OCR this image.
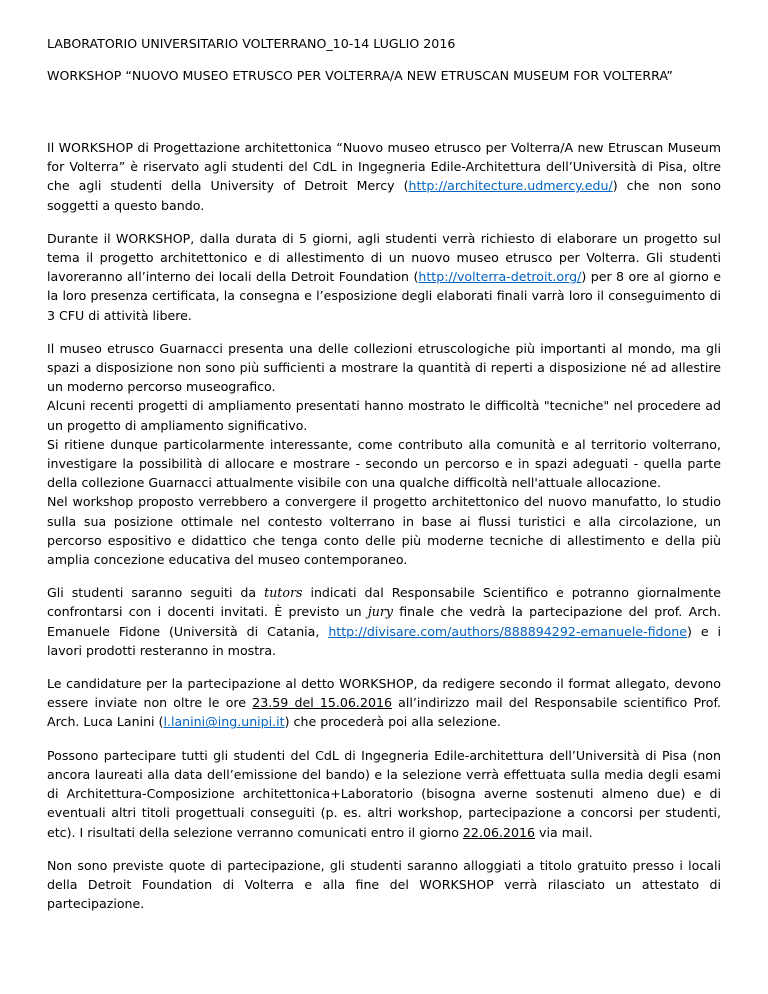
LABORATORIO UNIVERSITARIO VOLTERRANO_10-14 LUGLIO 2016
WORKSHOP “NUOVO MUSEO ETRUSCO PER VOLTERRA/A NEW ETRUSCAN MUSEUM FOR VOLTERRA”

Il WORKSHOP di Progettazione architettonica “Nuovo museo etrusco per Volterra/A new Etruscan Museum for Volterra” è riservato agli studenti del CdL in Ingegneria Edile-Architettura dell’Università di Pisa, oltre che agli studenti della University of Detroit Mercy (http://architecture.udmercy.edu/) che non sono soggetti a questo bando.

Durante il WORKSHOP, dalla durata di 5 giorni, agli studenti verrà richiesto di elaborare un progetto sul tema il progetto architettonico e di allestimento di un nuovo museo etrusco per Volterra. Gli studenti lavoreranno all’interno dei locali della Detroit Foundation (http://volterra-detroit.org/) per 8 ore al giorno e la loro presenza certificata, la consegna e l’esposizione degli elaborati finali varrà loro il conseguimento di 3 CFU di attività libere.

Il museo etrusco Guarnacci presenta una delle collezioni etruscologiche più importanti al mondo, ma gli spazi a disposizione non sono più sufficienti a mostrare la quantità di reperti a disposizione né ad allestire un moderno percorso museografico.

Alcuni recenti progetti di ampliamento presentati hanno mostrato le difficoltà "tecniche" nel procedere ad un progetto di ampliamento significativo.

Si ritiene dunque particolarmente interessante, come contributo alla comunità e al territorio volterrano, investigare la possibilità di allocare e mostrare - secondo un percorso e in spazi adeguati - quella parte della collezione Guarnacci attualmente visibile con una qualche difficoltà nell'attuale allocazione.

Nel workshop proposto verrebbero a convergere il progetto architettonico del nuovo manufatto, lo studio sulla sua posizione ottimale nel contesto volterrano in base ai flussi turistici e alla circolazione, un percorso espositivo e didattico che tenga conto delle più moderne tecniche di allestimento e della più amplia concezione educativa del museo contemporaneo.

Gli studenti saranno seguiti da tutors indicati dal Responsabile Scientifico e potranno giornalmente confrontarsi con i docenti invitati. È previsto un jury finale che vedrà la partecipazione del prof. Arch. Emanuele Fidone (Università di Catania, http://divisare.com/authors/888894292-emanuele-fidone) e i lavori prodotti resteranno in mostra.

Le candidature per la partecipazione al detto WORKSHOP, da redigere secondo il format allegato, devono essere inviate non oltre le ore 23.59 del 15.06.2016 all’indirizzo mail del Responsabile scientifico Prof. Arch. Luca Lanini (l.lanini@ing.unipi.it) che procederà poi alla selezione.

Possono partecipare tutti gli studenti del CdL di Ingegneria Edile-architettura dell’Università di Pisa (non ancora laureati alla data dell’emissione del bando) e la selezione verrà effettuata sulla media degli esami di Architettura-Composizione architettonica+Laboratorio (bisogna averne sostenuti almeno due) e di eventuali altri titoli progettuali conseguiti (p. es. altri workshop, partecipazione a concorsi per studenti, etc). I risultati della selezione verranno comunicati entro il giorno 22.06.2016 via mail.

Non sono previste quote di partecipazione, gli studenti saranno alloggiati a titolo gratuito presso i locali della Detroit Foundation di Volterra e alla fine del WORKSHOP verrà rilasciato un attestato di partecipazione.
